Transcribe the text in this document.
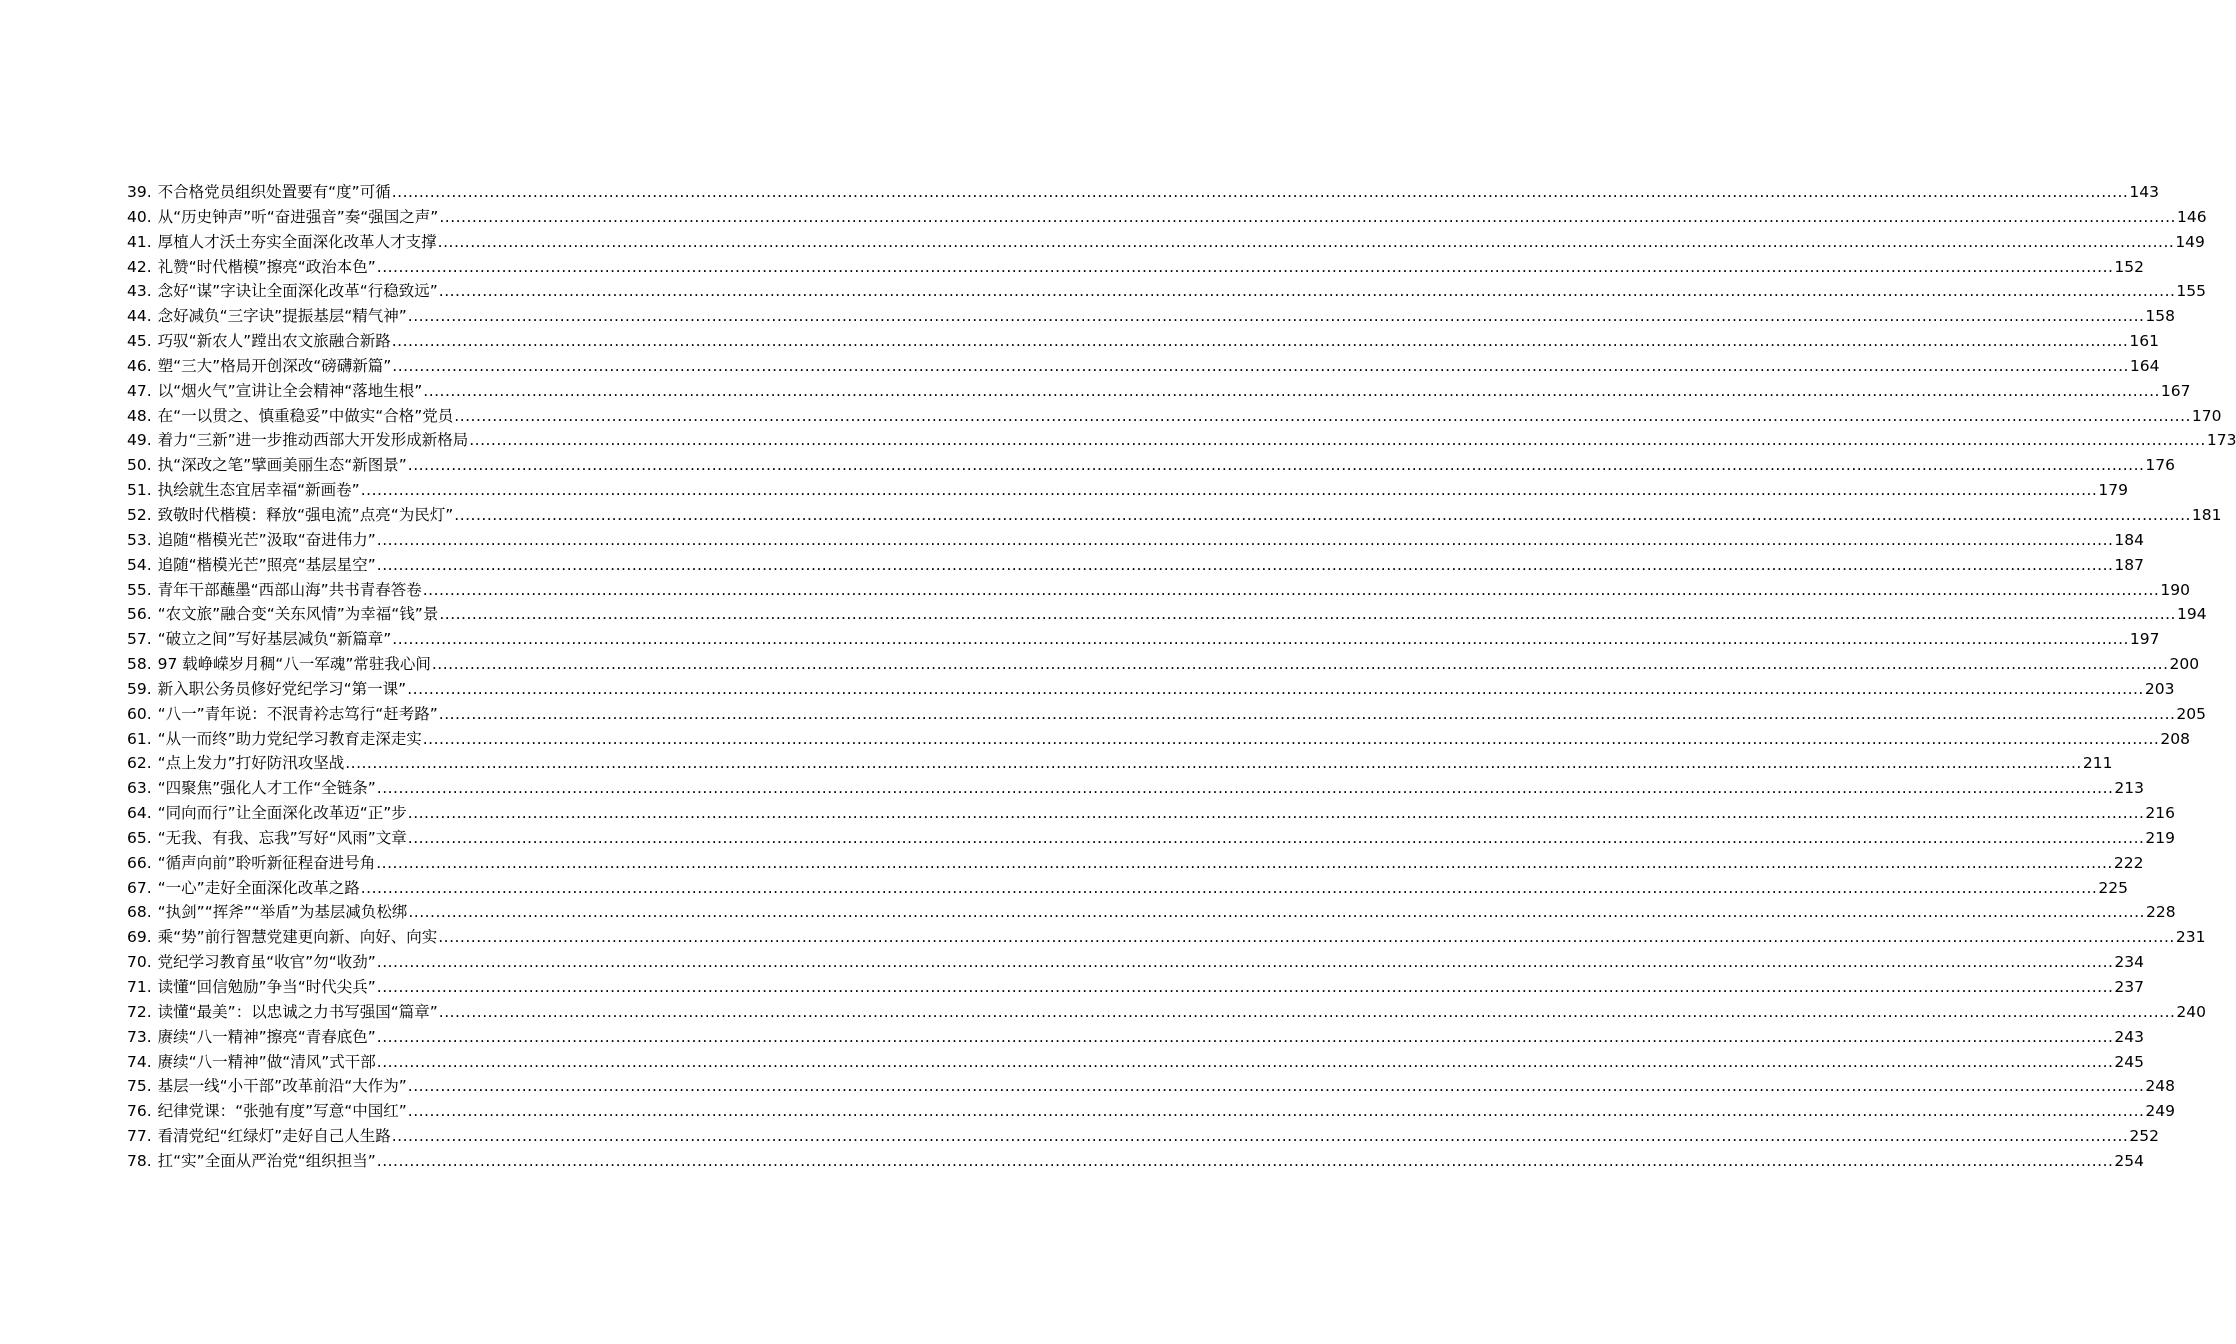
39. 不合格党员组织处置要有“度”可循 .....	143
40. 从“历史钟声”听“奋进强音”奏“强国之声” .....	146
41. 厚植人才沃土夯实全面深化改革人才支撑 .....	149
42. 礼赞“时代楷模”擦亮“政治本色” .....	152
43. 念好“谋”字诀让全面深化改革“行稳致远” .....	155
44. 念好减负“三字诀”提振基层“精气神” .....	158
45. 巧驭“新农人”蹚出农文旅融合新路 .....	161
46. 塑“三大”格局开创深改“磅礴新篇” .....	164
47. 以“烟火气”宣讲让全会精神“落地生根” .....	167
48. 在“一以贯之、慎重稳妥”中做实“合格”党员 .....	170
49. 着力“三新”进一步推动西部大开发形成新格局 .....	173
50. 执“深改之笔”擘画美丽生态“新图景” .....	176
51. 执绘就生态宜居幸福“新画卷” .....	179
52. 致敬时代楷模：释放“强电流”点亮“为民灯” .....	181
53. 追随“楷模光芒”汲取“奋进伟力” .....	184
54. 追随“楷模光芒”照亮“基层星空” .....	187
55. 青年干部蘸墨“西部山海”共书青春答卷 .....	190
56. “农文旅”融合变“关东风情”为幸福“钱”景 .....	194
57. “破立之间”写好基层减负“新篇章” .....	197
58. 97 载峥嵘岁月稠“八一军魂”常驻我心间 .....	200
59. 新入职公务员修好党纪学习“第一课” .....	203
60. “八一”青年说：不泯青衿志笃行“赶考路” .....	205
61. “从一而终”助力党纪学习教育走深走实 .....	208
62. “点上发力”打好防汛攻坚战 .....	211
63. “四聚焦”强化人才工作“全链条” .....	213
64. “同向而行”让全面深化改革迈“正”步 .....	216
65. “无我、有我、忘我”写好“风雨”文章 .....	219
66. “循声向前”聆听新征程奋进号角 .....	222
67. “一心”走好全面深化改革之路 .....	225
68. “执剑”“挥斧”“举盾”为基层减负松绑 .....	228
69. 乘“势”前行智慧党建更向新、向好、向实 .....	231
70. 党纪学习教育虽“收官”勿“收劲” .....	234
71. 读懂“回信勉励”争当“时代尖兵” .....	237
72. 读懂“最美”：以忠诚之力书写强国“篇章” .....	240
73. 赓续“八一精神”擦亮“青春底色” .....	243
74. 赓续“八一精神”做“清风”式干部 .....	245
75. 基层一线“小干部”改革前沿“大作为” .....	248
76. 纪律党课：“张弛有度”写意“中国红” .....	249
77. 看清党纪“红绿灯”走好自己人生路 .....	252
78. 扛“实”全面从严治党“组织担当” .....	254
